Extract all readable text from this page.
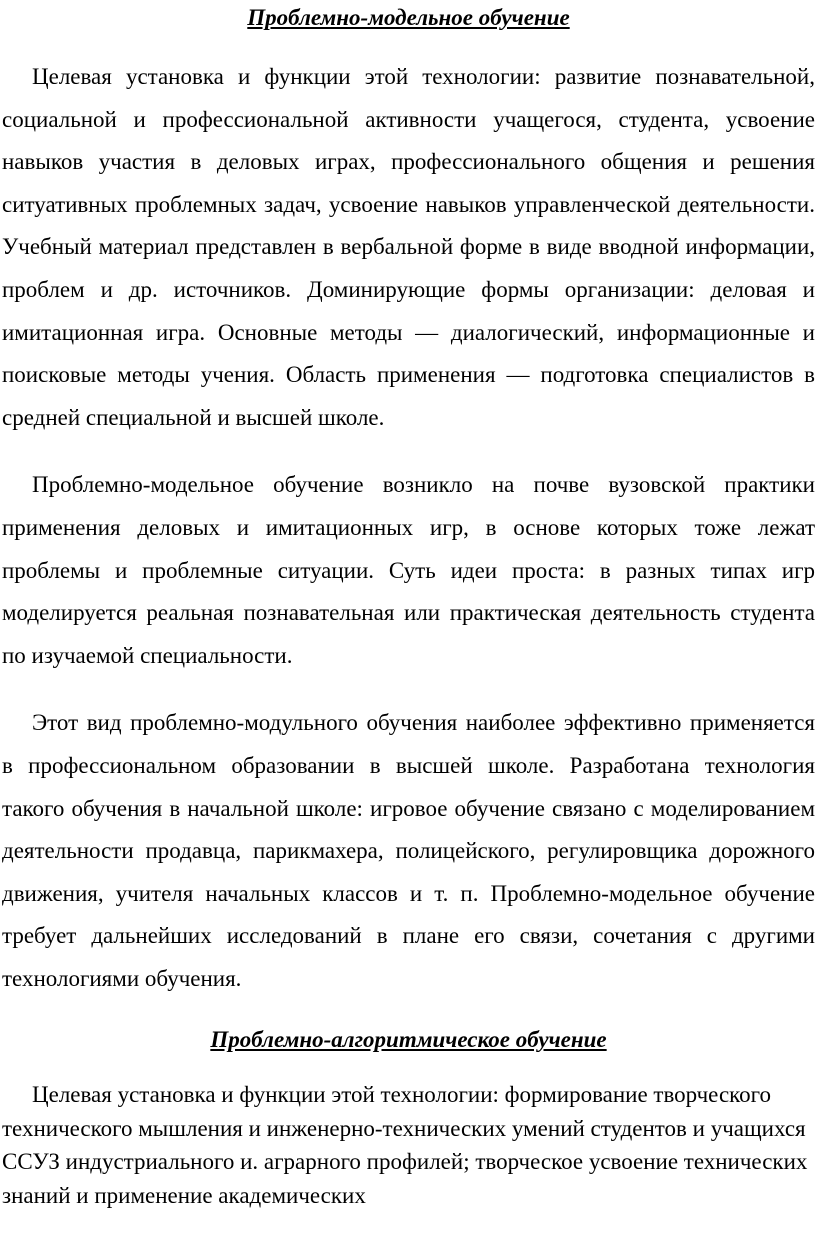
Проблемно-модельное обучение

Целевая установка и функции этой технологии: развитие познавательной, социальной и профессиональной активности учащегося, студента, усвоение навыков участия в деловых играх, профессионального общения и решения ситуативных проблемных задач, усвоение навыков управленческой деятельности. Учебный материал представлен в вербальной форме в виде вводной информации, проблем и др. источников. Доминирующие формы организации: деловая и имитационная игра. Основные методы — диалогический, информационные и поисковые методы учения. Область применения — подготовка специалистов в средней специальной и высшей школе.

Проблемно-модельное обучение возникло на почве вузовской практики применения деловых и имитационных игр, в основе которых тоже лежат проблемы и проблемные ситуации. Суть идеи проста: в разных типах игр моделируется реальная познавательная или практическая деятельность студента по изучаемой специальности.

Этот вид проблемно-модульного обучения наиболее эффективно применяется в профессиональном образовании в высшей школе. Разработана технология такого обучения в начальной школе: игровое обучение связано с моделированием деятельности продавца, парикмахера, полицейского, регулировщика дорожного движения, учителя начальных классов и т. п. Проблемно-модельное обучение требует дальнейших исследований в плане его связи, сочетания с другими технологиями обучения.

Проблемно-алгоритмическое обучение

Целевая установка и функции этой технологии: формирование творческого технического мышления и инженерно-технических умений студентов и учащихся ССУЗ индустриального и. аграрного профилей; творческое усвоение технических знаний и применение академических
